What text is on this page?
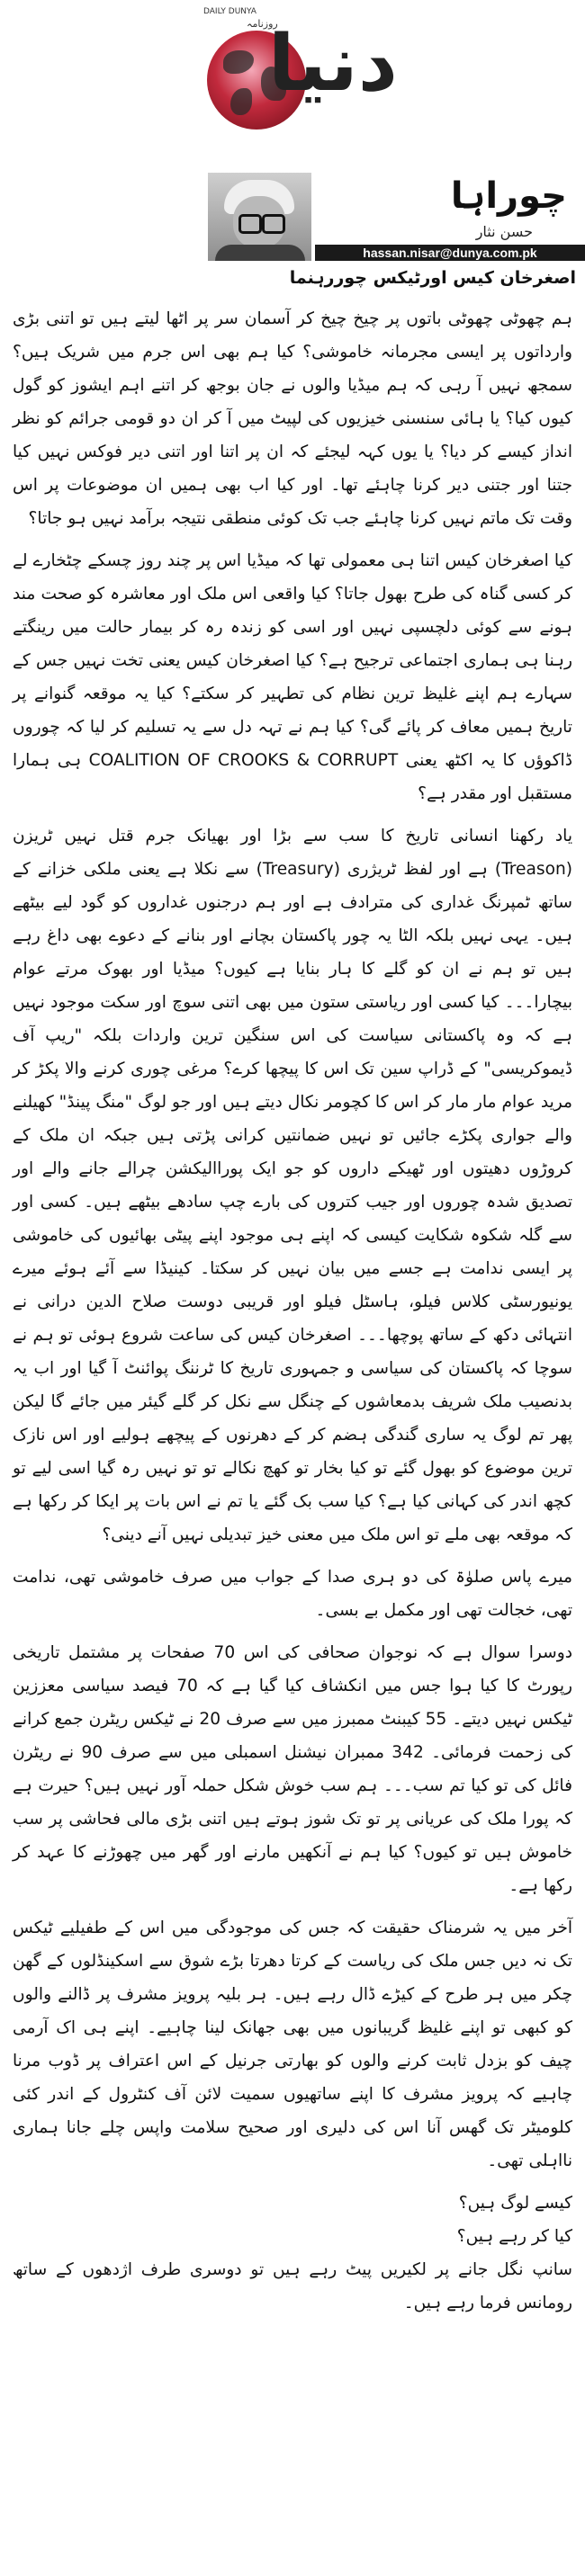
DAILY DUNYA
روزنامہ
دنیا
چوراہا
حسن نثار
hassan.nisar@dunya.com.pk
اصغرخان کیس اورٹیکس چوررہنما

ہم چھوٹی چھوٹی باتوں پر چیخ چیخ کر آسمان سر پر اٹھا لیتے ہیں تو اتنی بڑی وارداتوں پر ایسی مجرمانہ خاموشی؟ کیا ہم بھی اس جرم میں شریک ہیں؟ سمجھ نہیں آ رہی کہ ہم میڈیا والوں نے جان بوجھ کر اتنے اہم ایشوز کو گول کیوں کیا؟ یا ہائی سنسنی خیزیوں کی لپیٹ میں آ کر ان دو قومی جرائم کو نظر انداز کیسے کر دیا؟ یا یوں کہہ لیجئے کہ ان پر اتنا اور اتنی دیر فوکس نہیں کیا جتنا اور جتنی دیر کرنا چاہئے تھا۔ اور کیا اب بھی ہمیں ان موضوعات پر اس وقت تک ماتم نہیں کرنا چاہئے جب تک کوئی منطقی نتیجہ برآمد نہیں ہو جاتا؟

کیا اصغرخان کیس اتنا ہی معمولی تھا کہ میڈیا اس پر چند روز چسکے چٹخارے لے کر کسی گناہ کی طرح بھول جاتا؟ کیا واقعی اس ملک اور معاشرہ کو صحت مند ہونے سے کوئی دلچسپی نہیں اور اسی کو زندہ رہ کر بیمار حالت میں رینگتے رہنا ہی ہماری اجتماعی ترجیح ہے؟ کیا اصغرخان کیس یعنی تخت نہیں جس کے سہارے ہم اپنے غلیظ ترین نظام کی تطہیر کر سکتے؟ کیا یہ موقعہ گنوانے پر تاریخ ہمیں معاف کر پائے گی؟ کیا ہم نے تہہ دل سے یہ تسلیم کر لیا کہ چوروں ڈاکوؤں کا یہ اکٹھ یعنی COALITION OF CROOKS & CORRUPT ہی ہمارا مستقبل اور مقدر ہے؟

یاد رکھنا انسانی تاریخ کا سب سے بڑا اور بھیانک جرم قتل نہیں ٹریزن (Treason) ہے اور لفظ ٹریژری (Treasury) سے نکلا ہے یعنی ملکی خزانے کے ساتھ ٹمپرنگ غداری کی مترادف ہے اور ہم درجنوں غداروں کو گود لیے بیٹھے ہیں۔ یہی نہیں بلکہ الٹا یہ چور پاکستان بچانے اور بنانے کے دعوے بھی داغ رہے ہیں تو ہم نے ان کو گلے کا ہار بنایا ہے کیوں؟ میڈیا اور بھوک مرتے عوام بیچارا۔۔۔ کیا کسی اور ریاستی ستون میں بھی اتنی سوچ اور سکت موجود نہیں ہے کہ وہ پاکستانی سیاست کی اس سنگین ترین واردات بلکہ "ریپ آف ڈیموکریسی" کے ڈراپ سین تک اس کا پیچھا کرے؟ مرغی چوری کرنے والا پکڑ کر مرید عوام مار مار کر اس کا کچومر نکال دیتے ہیں اور جو لوگ "منگ پینڈ" کھیلنے والے جواری پکڑے جائیں تو نہیں ضمانتیں کرانی پڑتی ہیں جبکہ ان ملک کے کروڑوں دھیتوں اور ٹھیکے داروں کو جو ایک پوراالیکشن چرالے جانے والے اور تصدیق شدہ چوروں اور جیب کتروں کی بارے چپ سادھے بیٹھے ہیں۔ کسی اور سے گلہ شکوہ شکایت کیسی کہ اپنے ہی موجود اپنے پیٹی بھائیوں کی خاموشی پر ایسی ندامت ہے جسے میں بیان نہیں کر سکتا۔ کینیڈا سے آئے ہوئے میرے یونیورسٹی کلاس فیلو، ہاسٹل فیلو اور قریبی دوست صلاح الدین درانی نے انتہائی دکھ کے ساتھ پوچھا۔۔۔ اصغرخان کیس کی ساعت شروع ہوئی تو ہم نے سوچا کہ پاکستان کی سیاسی و جمہوری تاریخ کا ٹرننگ پوائنٹ آ گیا اور اب یہ بدنصیب ملک شریف بدمعاشوں کے چنگل سے نکل کر گلے گیئر میں جائے گا لیکن پھر تم لوگ یہ ساری گندگی ہضم کر کے دھرنوں کے پیچھے ہولیے اور اس نازک ترین موضوع کو بھول گئے تو کیا بخار تو کھچ نکالے تو تو نہیں رہ گیا اسی لیے تو کچھ اندر کی کہانی کیا ہے؟ کیا سب بک گئے یا تم نے اس بات پر ایکا کر رکھا ہے کہ موقعہ بھی ملے تو اس ملک میں معنی خیز تبدیلی نہیں آنے دینی؟

میرے پاس صلوٰۃ کی دو ہری صدا کے جواب میں صرف خاموشی تھی، ندامت تھی، خجالت تھی اور مکمل بے بسی۔

دوسرا سوال ہے کہ نوجوان صحافی کی اس 70 صفحات پر مشتمل تاریخی رپورٹ کا کیا ہوا جس میں انکشاف کیا گیا ہے کہ 70 فیصد سیاسی معززین ٹیکس نہیں دیتے۔ 55 کیبنٹ ممبرز میں سے صرف 20 نے ٹیکس ریٹرن جمع کرانے کی زحمت فرمائی۔ 342 ممبران نیشنل اسمبلی میں سے صرف 90 نے ریٹرن فائل کی تو کیا تم سب۔۔۔ ہم سب خوش شکل حملہ آور نہیں ہیں؟ حیرت ہے کہ پورا ملک کی عریانی پر تو تک شوز ہوتے ہیں اتنی بڑی مالی فحاشی پر سب خاموش ہیں تو کیوں؟ کیا ہم نے آنکھیں مارنے اور گھر میں چھوڑنے کا عہد کر رکھا ہے۔

آخر میں یہ شرمناک حقیقت کہ جس کی موجودگی میں اس کے طفیلیے ٹیکس تک نہ دیں جس ملک کی ریاست کے کرتا دھرتا بڑے شوق سے اسکینڈلوں کے گھن چکر میں ہر طرح کے کیڑے ڈال رہے ہیں۔ ہر بلیہ پرویز مشرف پر ڈالنے والوں کو کبھی تو اپنے غلیظ گریبانوں میں بھی جھانک لینا چاہیے۔ اپنے ہی اک آرمی چیف کو بزدل ثابت کرنے والوں کو بھارتی جرنیل کے اس اعتراف پر ڈوب مرنا چاہیے کہ پرویز مشرف کا اپنے ساتھیوں سمیت لائن آف کنٹرول کے اندر کئی کلومیٹر تک گھس آنا اس کی دلیری اور صحیح سلامت واپس چلے جانا ہماری نااہلی تھی۔

کیسے لوگ ہیں؟

کیا کر رہے ہیں؟

سانپ نگل جانے پر لکیریں پیٹ رہے ہیں تو دوسری طرف اژدھوں کے ساتھ رومانس فرما رہے ہیں۔
